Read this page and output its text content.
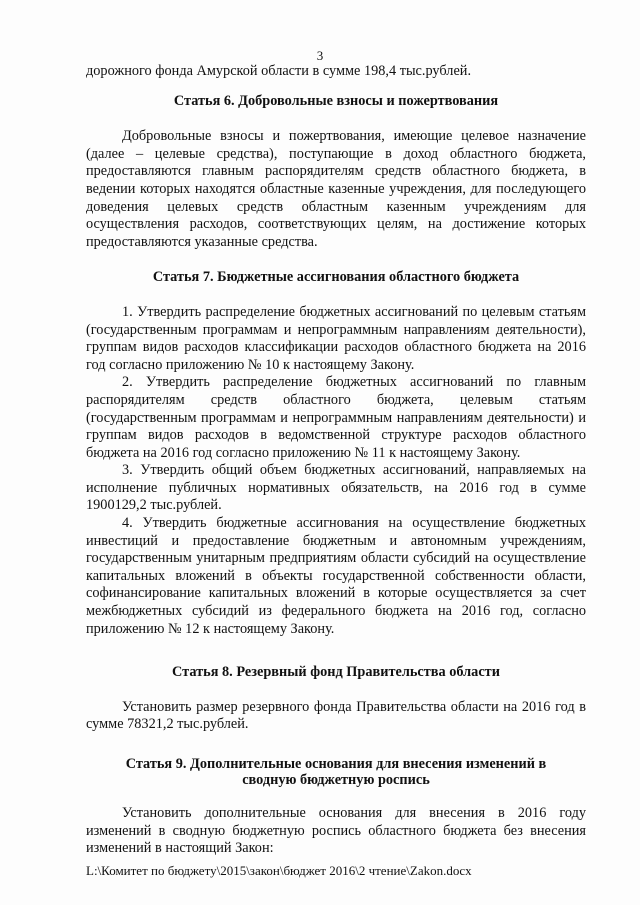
3

дорожного фонда Амурской области в сумме 198,4 тыс.рублей.

Статья 6. Добровольные взносы и пожертвования

Добровольные взносы и пожертвования, имеющие целевое назначение (далее – целевые средства), поступающие в доход областного бюджета, предоставляются главным распорядителям средств областного бюджета, в ведении которых находятся областные казенные учреждения, для последующего доведения целевых средств областным казенным учреждениям для осуществления расходов, соответствующих целям, на достижение которых предоставляются указанные средства.

Статья 7. Бюджетные ассигнования областного бюджета

1. Утвердить распределение бюджетных ассигнований по целевым статьям (государственным программам и непрограммным направлениям деятельности), группам видов расходов классификации расходов областного бюджета на 2016 год согласно приложению № 10 к настоящему Закону.

2. Утвердить распределение бюджетных ассигнований по главным распорядителям средств областного бюджета, целевым статьям (государственным программам и непрограммным направлениям деятельности) и группам видов расходов в ведомственной структуре расходов областного бюджета на 2016 год согласно приложению № 11 к настоящему Закону.

3. Утвердить общий объем бюджетных ассигнований, направляемых на исполнение публичных нормативных обязательств, на 2016 год в сумме 1900129,2 тыс.рублей.

4. Утвердить бюджетные ассигнования на осуществление бюджетных инвестиций и предоставление бюджетным и автономным учреждениям, государственным унитарным предприятиям области субсидий на осуществление капитальных вложений в объекты государственной собственности области, софинансирование капитальных вложений в которые осуществляется за счет межбюджетных субсидий из федерального бюджета на 2016 год, согласно приложению № 12 к настоящему Закону.

Статья 8. Резервный фонд Правительства области

Установить размер резервного фонда Правительства области на 2016 год в сумме 78321,2 тыс.рублей.

Статья 9. Дополнительные основания для внесения изменений в
сводную бюджетную роспись

Установить дополнительные основания для внесения в 2016 году изменений в сводную бюджетную роспись областного бюджета без внесения изменений в настоящий Закон:

L:\Комитет по бюджету\2015\закон\бюджет 2016\2 чтение\Zakon.docx
